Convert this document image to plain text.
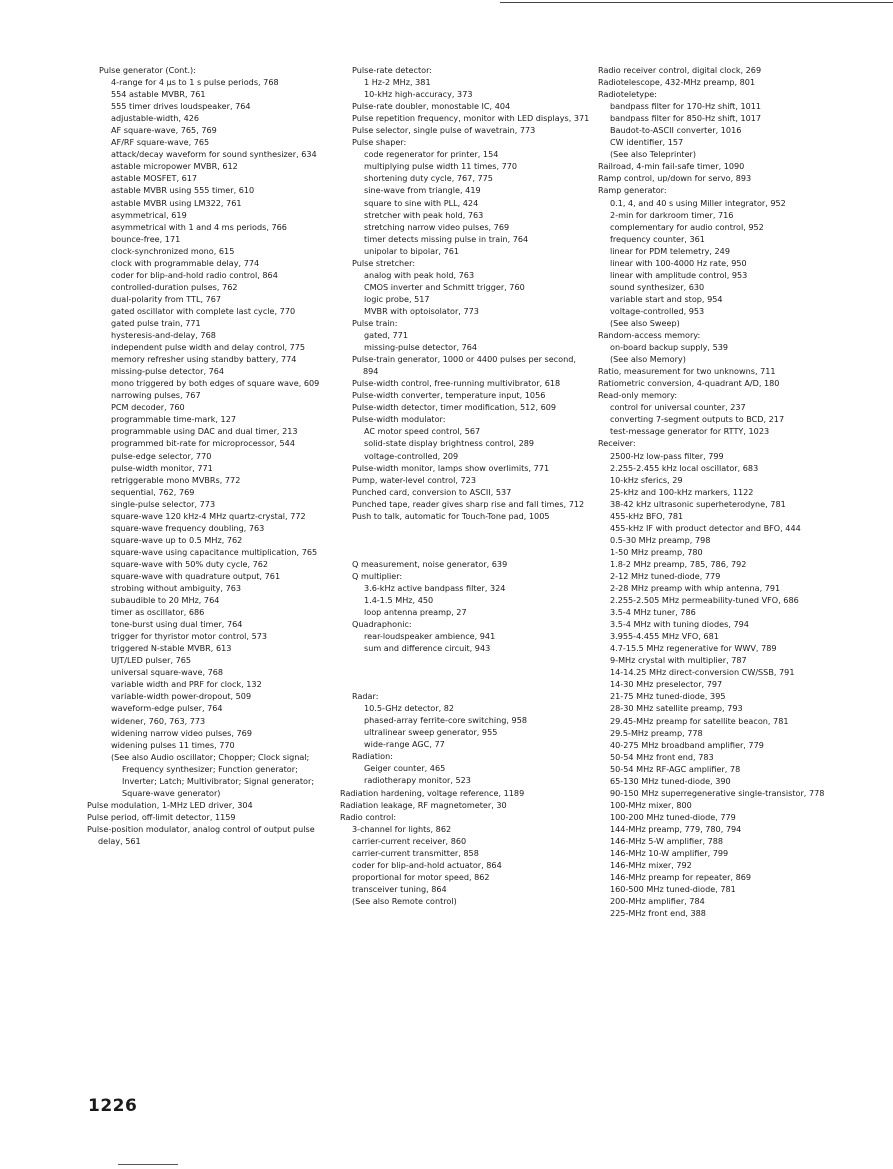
Pulse generator (Cont.):
4-range for 4 μs to 1 s pulse periods, 768
554 astable MVBR, 761
555 timer drives loudspeaker, 764
adjustable-width, 426
AF square-wave, 765, 769
AF/RF square-wave, 765
attack/decay waveform for sound synthesizer, 634
astable micropower MVBR, 612
astable MOSFET, 617
astable MVBR using 555 timer, 610
astable MVBR using LM322, 761
asymmetrical, 619
asymmetrical with 1 and 4 ms periods, 766
bounce-free, 171
clock-synchronized mono, 615
clock with programmable delay, 774
coder for blip-and-hold radio control, 864
controlled-duration pulses, 762
dual-polarity from TTL, 767
gated oscillator with complete last cycle, 770
gated pulse train, 771
hysteresis-and-delay, 768
independent pulse width and delay control, 775
memory refresher using standby battery, 774
missing-pulse detector, 764
mono triggered by both edges of square wave, 609
narrowing pulses, 767
PCM decoder, 760
programmable time-mark, 127
programmable using DAC and dual timer, 213
programmed bit-rate for microprocessor, 544
pulse-edge selector, 770
pulse-width monitor, 771
retriggerable mono MVBRs, 772
sequential, 762, 769
single-pulse selector, 773
square-wave 120 kHz-4 MHz quartz-crystal, 772
square-wave frequency doubling, 763
square-wave up to 0.5 MHz, 762
square-wave using capacitance multiplication, 765
square-wave with 50% duty cycle, 762
square-wave with quadrature output, 761
strobing without ambiguity, 763
subaudible to 20 MHz, 764
timer as oscillator, 686
tone-burst using dual timer, 764
trigger for thyristor motor control, 573
triggered N-stable MVBR, 613
UJT/LED pulser, 765
universal square-wave, 768
variable width and PRF for clock, 132
variable-width power-dropout, 509
waveform-edge pulser, 764
widener, 760, 763, 773
widening narrow video pulses, 769
widening pulses 11 times, 770
(See also Audio oscillator; Chopper; Clock signal; Frequency synthesizer; Function generator; Inverter; Latch; Multivibrator; Signal generator; Square-wave generator)
Pulse modulation, 1-MHz LED driver, 304
Pulse period, off-limit detector, 1159
Pulse-position modulator, analog control of output pulse delay, 561
Pulse-rate detector:
1 Hz-2 MHz, 381
10-kHz high-accuracy, 373
Pulse-rate doubler, monostable IC, 404
Pulse repetition frequency, monitor with LED displays, 371
Pulse selector, single pulse of wavetrain, 773
Pulse shaper:
code regenerator for printer, 154
multiplying pulse width 11 times, 770
shortening duty cycle, 767, 775
sine-wave from triangle, 419
square to sine with PLL, 424
stretcher with peak hold, 763
stretching narrow video pulses, 769
timer detects missing pulse in train, 764
unipolar to bipolar, 761
Pulse stretcher:
analog with peak hold, 763
CMOS inverter and Schmitt trigger, 760
logic probe, 517
MVBR with optoisolator, 773
Pulse train:
gated, 771
missing-pulse detector, 764
Pulse-train generator, 1000 or 4400 pulses per second, 894
Pulse-width control, free-running multivibrator, 618
Pulse-width converter, temperature input, 1056
Pulse-width detector, timer modification, 512, 609
Pulse-width modulator:
AC motor speed control, 567
solid-state display brightness control, 289
voltage-controlled, 209
Pulse-width monitor, lamps show overlimits, 771
Pump, water-level control, 723
Punched card, conversion to ASCII, 537
Punched tape, reader gives sharp rise and fall times, 712
Push to talk, automatic for Touch-Tone pad, 1005
Q measurement, noise generator, 639
Q multiplier:
3.6-kHz active bandpass filter, 324
1.4-1.5 MHz, 450
loop antenna preamp, 27
Quadraphonic:
rear-loudspeaker ambience, 941
sum and difference circuit, 943
Radar:
10.5-GHz detector, 82
phased-array ferrite-core switching, 958
ultralinear sweep generator, 955
wide-range AGC, 77
Radiation:
Geiger counter, 465
radiotherapy monitor, 523
Radiation hardening, voltage reference, 1189
Radiation leakage, RF magnetometer, 30
Radio control:
3-channel for lights, 862
carrier-current receiver, 860
carrier-current transmitter, 858
coder for blip-and-hold actuator, 864
proportional for motor speed, 862
transceiver tuning, 864
(See also Remote control)
Radio receiver control, digital clock, 269
Radiotelescope, 432-MHz preamp, 801
Radioteletype:
bandpass filter for 170-Hz shift, 1011
bandpass filter for 850-Hz shift, 1017
Baudot-to-ASCII converter, 1016
CW identifier, 157
(See also Teleprinter)
Railroad, 4-min fail-safe timer, 1090
Ramp control, up/down for servo, 893
Ramp generator:
0.1, 4, and 40 s using Miller integrator, 952
2-min for darkroom timer, 716
complementary for audio control, 952
frequency counter, 361
linear for PDM telemetry, 249
linear with 100-4000 Hz rate, 950
linear with amplitude control, 953
sound synthesizer, 630
variable start and stop, 954
voltage-controlled, 953
(See also Sweep)
Random-access memory:
on-board backup supply, 539
(See also Memory)
Ratio, measurement for two unknowns, 711
Ratiometric conversion, 4-quadrant A/D, 180
Read-only memory:
control for universal counter, 237
converting 7-segment outputs to BCD, 217
test-message generator for RTTY, 1023
Receiver:
2500-Hz low-pass filter, 799
2.255-2.455 kHz local oscillator, 683
10-kHz sferics, 29
25-kHz and 100-kHz markers, 1122
38-42 kHz ultrasonic superheterodyne, 781
455-kHz BFO, 781
455-kHz IF with product detector and BFO, 444
0.5-30 MHz preamp, 798
1-50 MHz preamp, 780
1.8-2 MHz preamp, 785, 786, 792
2-12 MHz tuned-diode, 779
2-28 MHz preamp with whip antenna, 791
2.255-2.505 MHz permeability-tuned VFO, 686
3.5-4 MHz tuner, 786
3.5-4 MHz with tuning diodes, 794
3.955-4.455 MHz VFO, 681
4.7-15.5 MHz regenerative for WWV, 789
9-MHz crystal with multiplier, 787
14-14.25 MHz direct-conversion CW/SSB, 791
14-30 MHz preselector, 797
21-75 MHz tuned-diode, 395
28-30 MHz satellite preamp, 793
29.45-MHz preamp for satellite beacon, 781
29.5-MHz preamp, 778
40-275 MHz broadband amplifier, 779
50-54 MHz front end, 783
50-54 MHz RF-AGC amplifier, 78
65-130 MHz tuned-diode, 390
90-150 MHz superregenerative single-transistor, 778
100-MHz mixer, 800
100-200 MHz tuned-diode, 779
144-MHz preamp, 779, 780, 794
146-MHz 5-W amplifier, 788
146-MHz 10-W amplifier, 799
146-MHz mixer, 792
146-MHz preamp for repeater, 869
160-500 MHz tuned-diode, 781
200-MHz amplifier, 784
225-MHz front end, 388
1226
